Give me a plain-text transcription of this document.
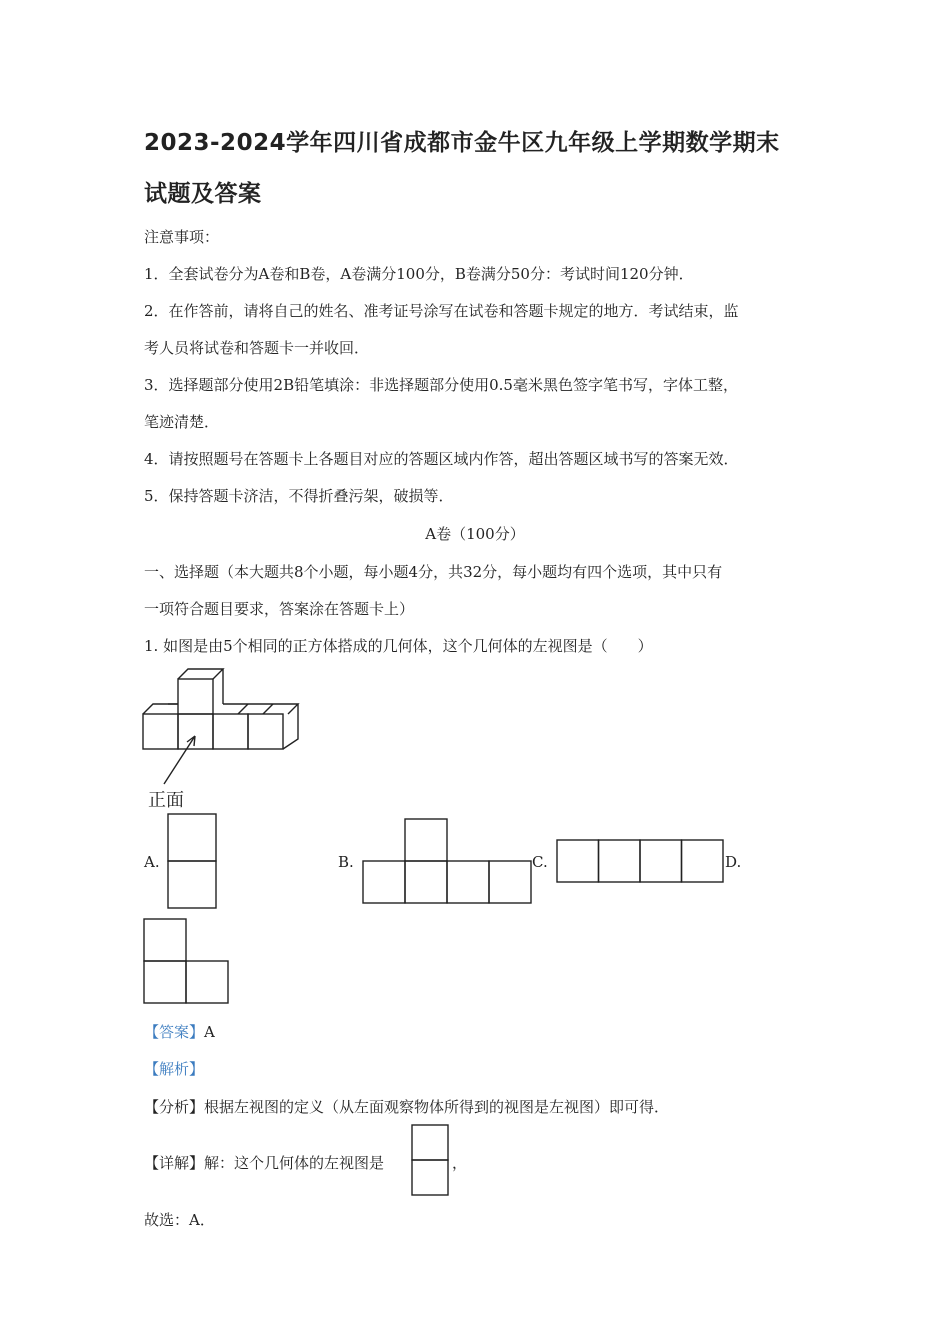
2023-2024学年四川省成都市金牛区九年级上学期数学期末
试题及答案
注意事项：
1．全套试卷分为A卷和B卷，A卷满分100分，B卷满分50分：考试时间120分钟．
2．在作答前，请将自己的姓名、准考证号涂写在试卷和答题卡规定的地方．考试结束，监
考人员将试卷和答题卡一并收回．
3．选择题部分使用2B铅笔填涂：非选择题部分使用0.5毫米黑色签字笔书写，字体工整，
笔迹清楚．
4．请按照题号在答题卡上各题目对应的答题区域内作答，超出答题区域书写的答案无效．
5．保持答题卡济洁，不得折叠污架，破损等．
A卷（100分）
一、选择题（本大题共8个小题，每小题4分，共32分，每小题均有四个选项，其中只有
一项符合题目要求，答案涂在答题卡上）
1. 如图是由5个相同的正方体搭成的几何体，这个几何体的左视图是（　　）
正面
A.	B.	C.	D.
【答案】A
【解析】
【分析】根据左视图的定义（从左面观察物体所得到的视图是左视图）即可得．
【详解】解：这个几何体的左视图是	，
故选：A．
